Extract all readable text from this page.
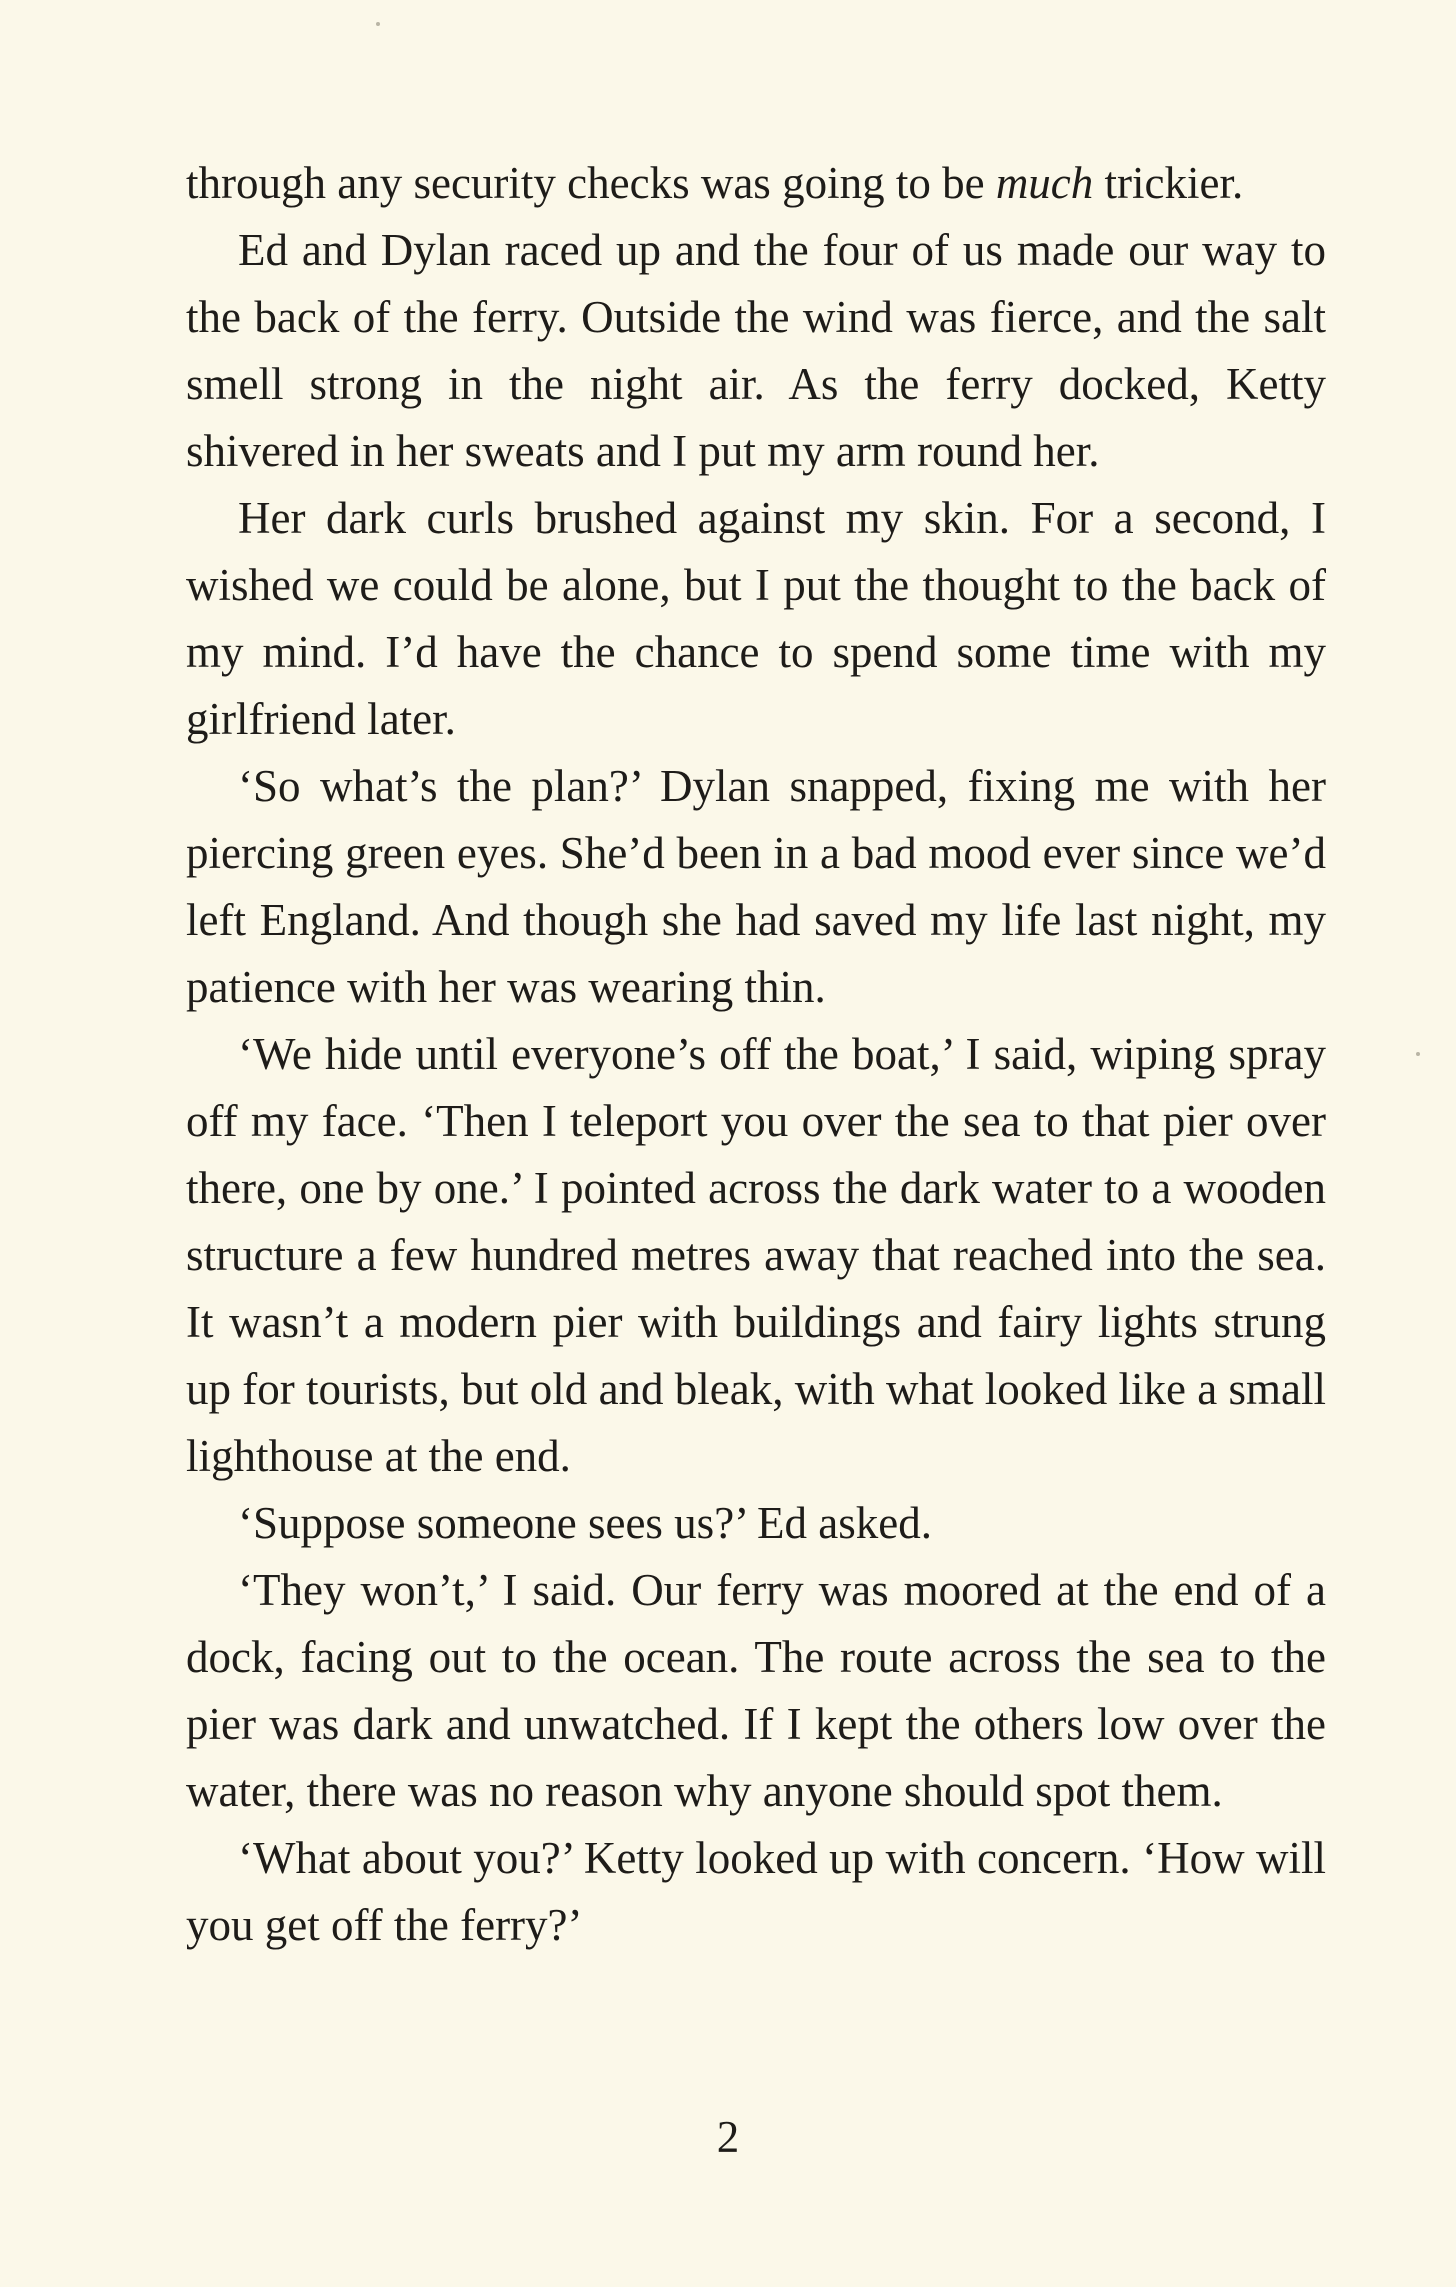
through any security checks was going to be much trickier.

Ed and Dylan raced up and the four of us made our way to the back of the ferry. Outside the wind was fierce, and the salt smell strong in the night air. As the ferry docked, Ketty shivered in her sweats and I put my arm round her.

Her dark curls brushed against my skin. For a second, I wished we could be alone, but I put the thought to the back of my mind. I’d have the chance to spend some time with my girlfriend later.

‘So what’s the plan?’ Dylan snapped, fixing me with her piercing green eyes. She’d been in a bad mood ever since we’d left England. And though she had saved my life last night, my patience with her was wearing thin.

‘We hide until everyone’s off the boat,’ I said, wiping spray off my face. ‘Then I teleport you over the sea to that pier over there, one by one.’ I pointed across the dark water to a wooden structure a few hundred metres away that reached into the sea. It wasn’t a modern pier with buildings and fairy lights strung up for tourists, but old and bleak, with what looked like a small lighthouse at the end.

‘Suppose someone sees us?’ Ed asked.

‘They won’t,’ I said. Our ferry was moored at the end of a dock, facing out to the ocean. The route across the sea to the pier was dark and unwatched. If I kept the others low over the water, there was no reason why anyone should spot them.

‘What about you?’ Ketty looked up with concern. ‘How will you get off the ferry?’

2
